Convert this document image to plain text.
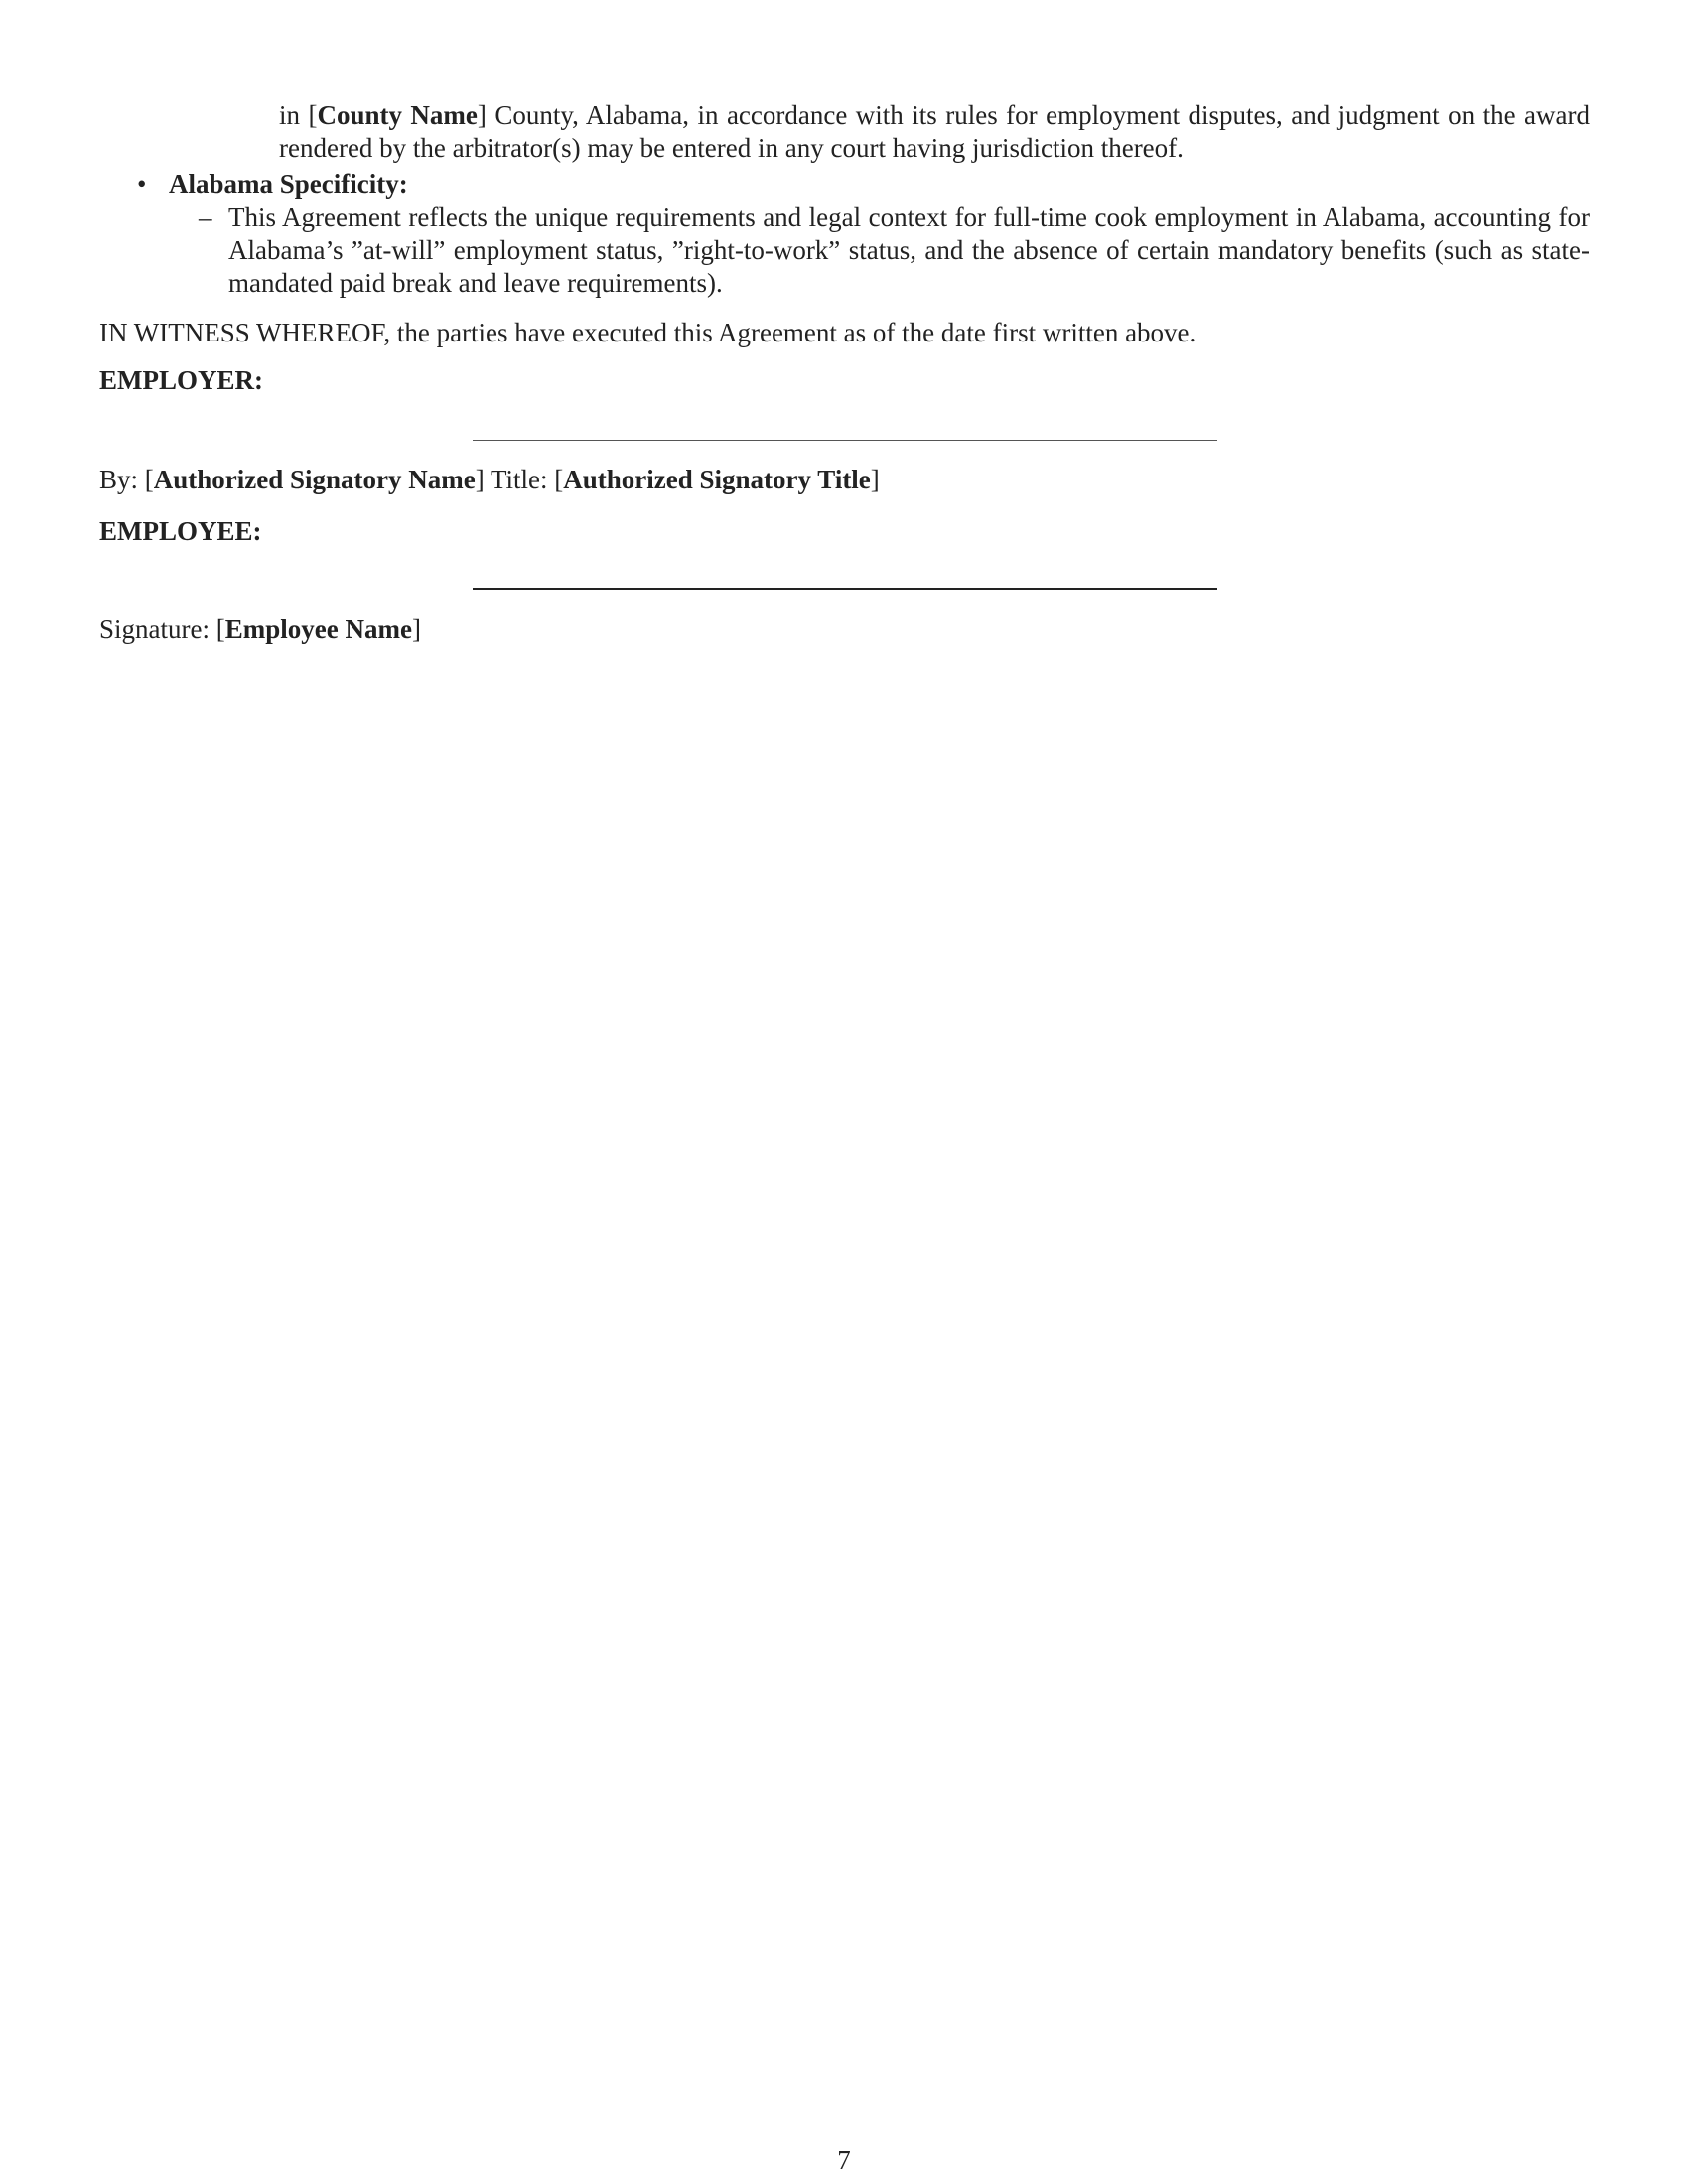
in [County Name] County, Alabama, in accordance with its rules for employment disputes, and judgment on the award rendered by the arbitrator(s) may be entered in any court having jurisdiction thereof.
• Alabama Specificity:
– This Agreement reflects the unique requirements and legal context for full-time cook employment in Alabama, accounting for Alabama’s ”at-will” employment status, ”right-to-work” status, and the absence of certain mandatory benefits (such as state-mandated paid break and leave requirements).
IN WITNESS WHEREOF, the parties have executed this Agreement as of the date first written above.
EMPLOYER:
By: [Authorized Signatory Name] Title: [Authorized Signatory Title]
EMPLOYEE:
Signature: [Employee Name]
7
